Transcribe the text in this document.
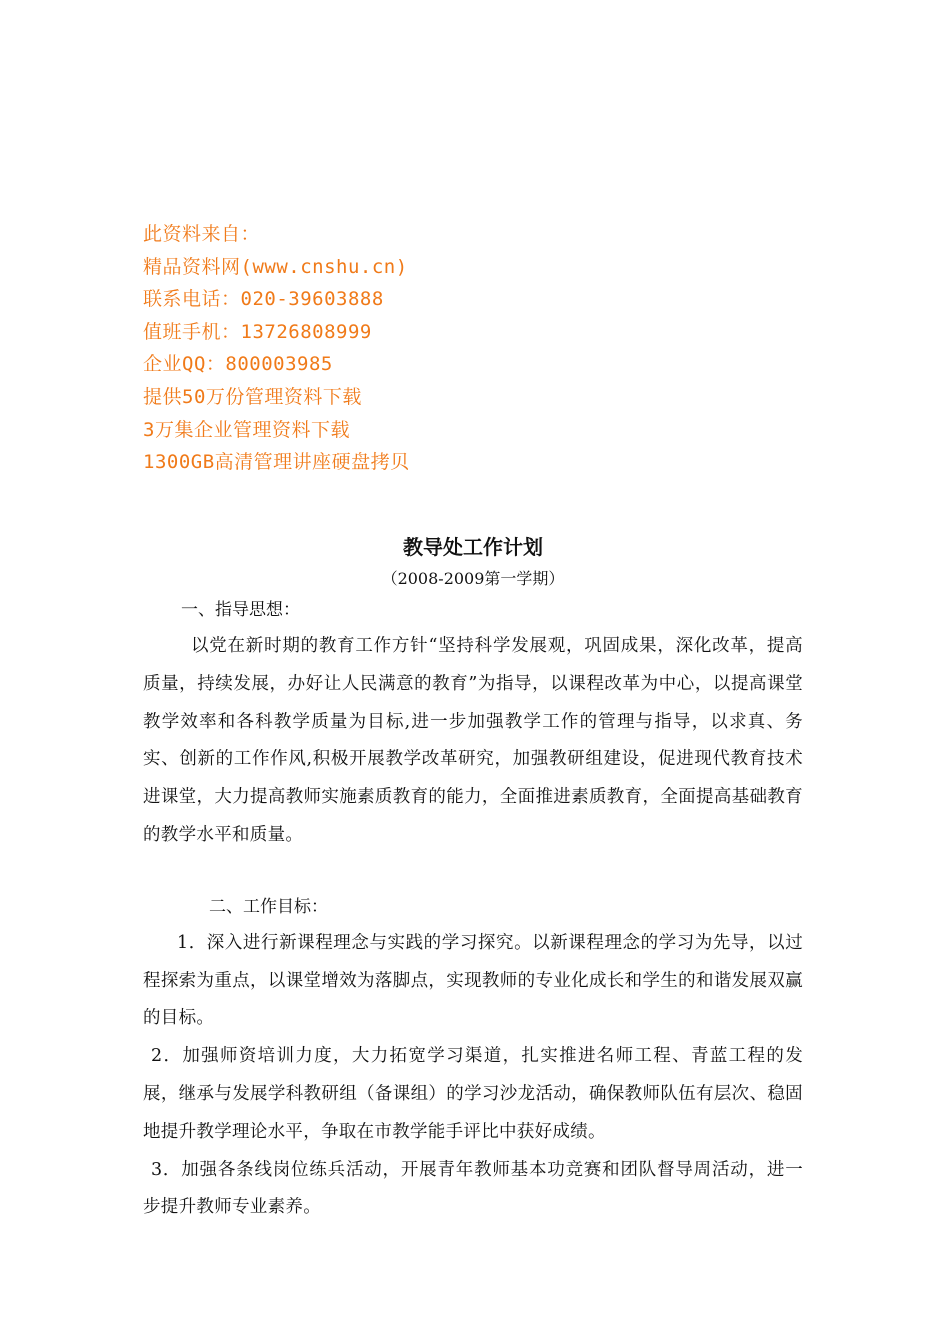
此资料来自：
精品资料网(www.cnshu.cn)
联系电话：020-39603888
值班手机：13726808999
企业QQ：800003985
提供50万份管理资料下载
3万集企业管理资料下载
1300GB高清管理讲座硬盘拷贝

教导处工作计划

（2008-2009第一学期）

一、指导思想：

以党在新时期的教育工作方针“坚持科学发展观，巩固成果，深化改革，提高质量，持续发展，办好让人民满意的教育”为指导，以课程改革为中心，以提高课堂教学效率和各科教学质量为目标,进一步加强教学工作的管理与指导，以求真、务实、创新的工作作风,积极开展教学改革研究，加强教研组建设，促进现代教育技术进课堂，大力提高教师实施素质教育的能力，全面推进素质教育，全面提高基础教育的教学水平和质量。

二、工作目标：

1．深入进行新课程理念与实践的学习探究。以新课程理念的学习为先导，以过程探索为重点，以课堂增效为落脚点，实现教师的专业化成长和学生的和谐发展双赢的目标。

2．加强师资培训力度，大力拓宽学习渠道，扎实推进名师工程、青蓝工程的发展，继承与发展学科教研组（备课组）的学习沙龙活动，确保教师队伍有层次、稳固地提升教学理论水平，争取在市教学能手评比中获好成绩。

3．加强各条线岗位练兵活动，开展青年教师基本功竞赛和团队督导周活动，进一步提升教师专业素养。
